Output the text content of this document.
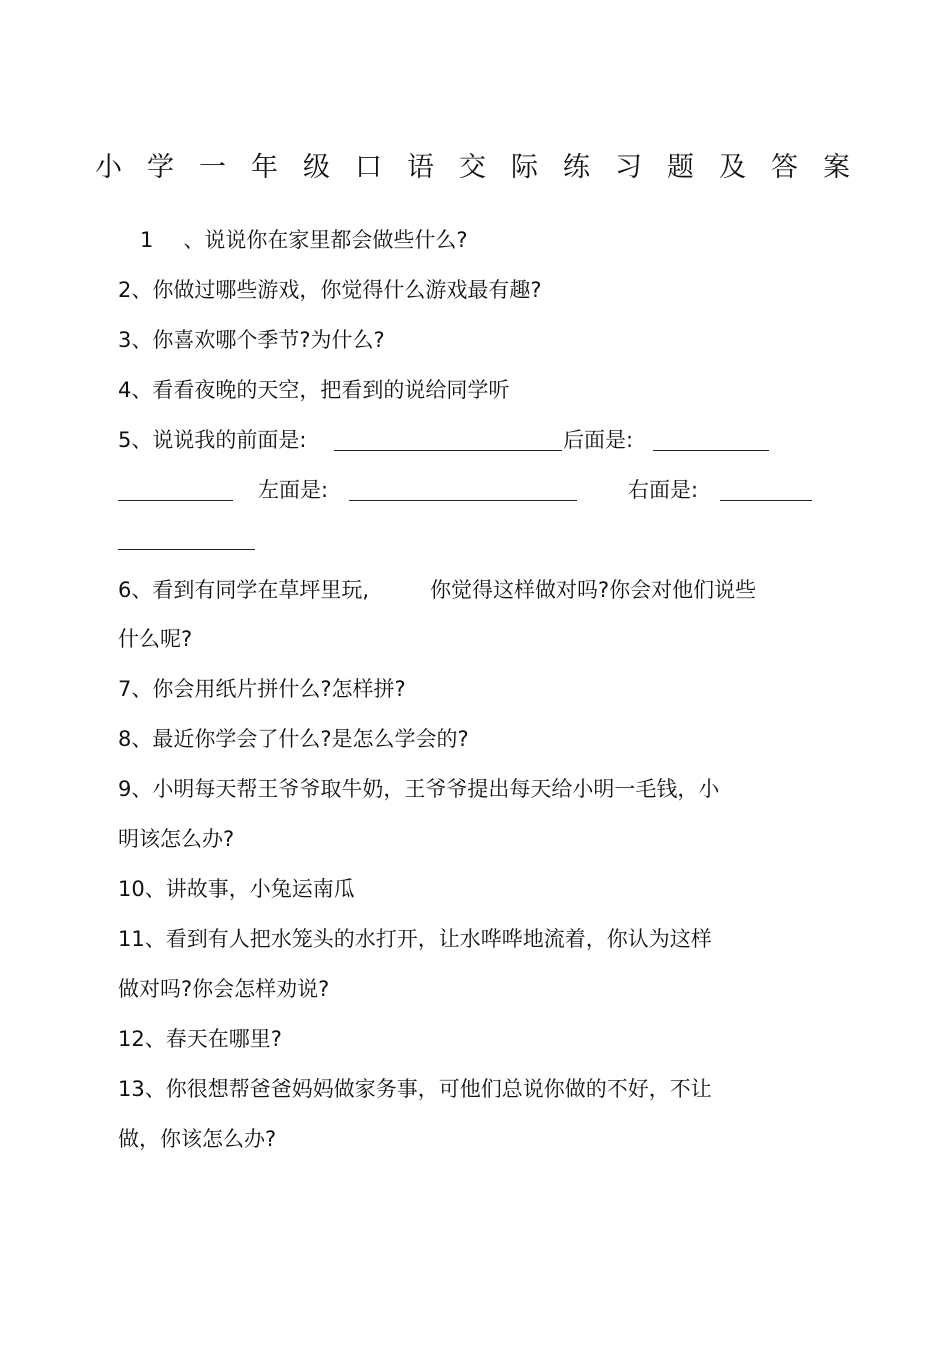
小学一年级口语交际练习题及答案
1 、说说你在家里都会做些什么?
2、你做过哪些游戏，你觉得什么游戏最有趣?
3、你喜欢哪个季节?为什么?
4、看看夜晚的天空，把看到的说给同学听
5、说说我的前面是:	后面是:
左面是:	右面是:
6、看到有同学在草坪里玩,	你觉得这样做对吗?你会对他们说些
什么呢?
7、你会用纸片拼什么?怎样拼?
8、最近你学会了什么?是怎么学会的?
9、小明每天帮王爷爷取牛奶，王爷爷提出每天给小明一毛钱，小
明该怎么办?
10、讲故事，小兔运南瓜
11、看到有人把水笼头的水打开，让水哗哗地流着，你认为这样
做对吗?你会怎样劝说?
12、春天在哪里?
13、你很想帮爸爸妈妈做家务事，可他们总说你做的不好，不让
做，你该怎么办?
